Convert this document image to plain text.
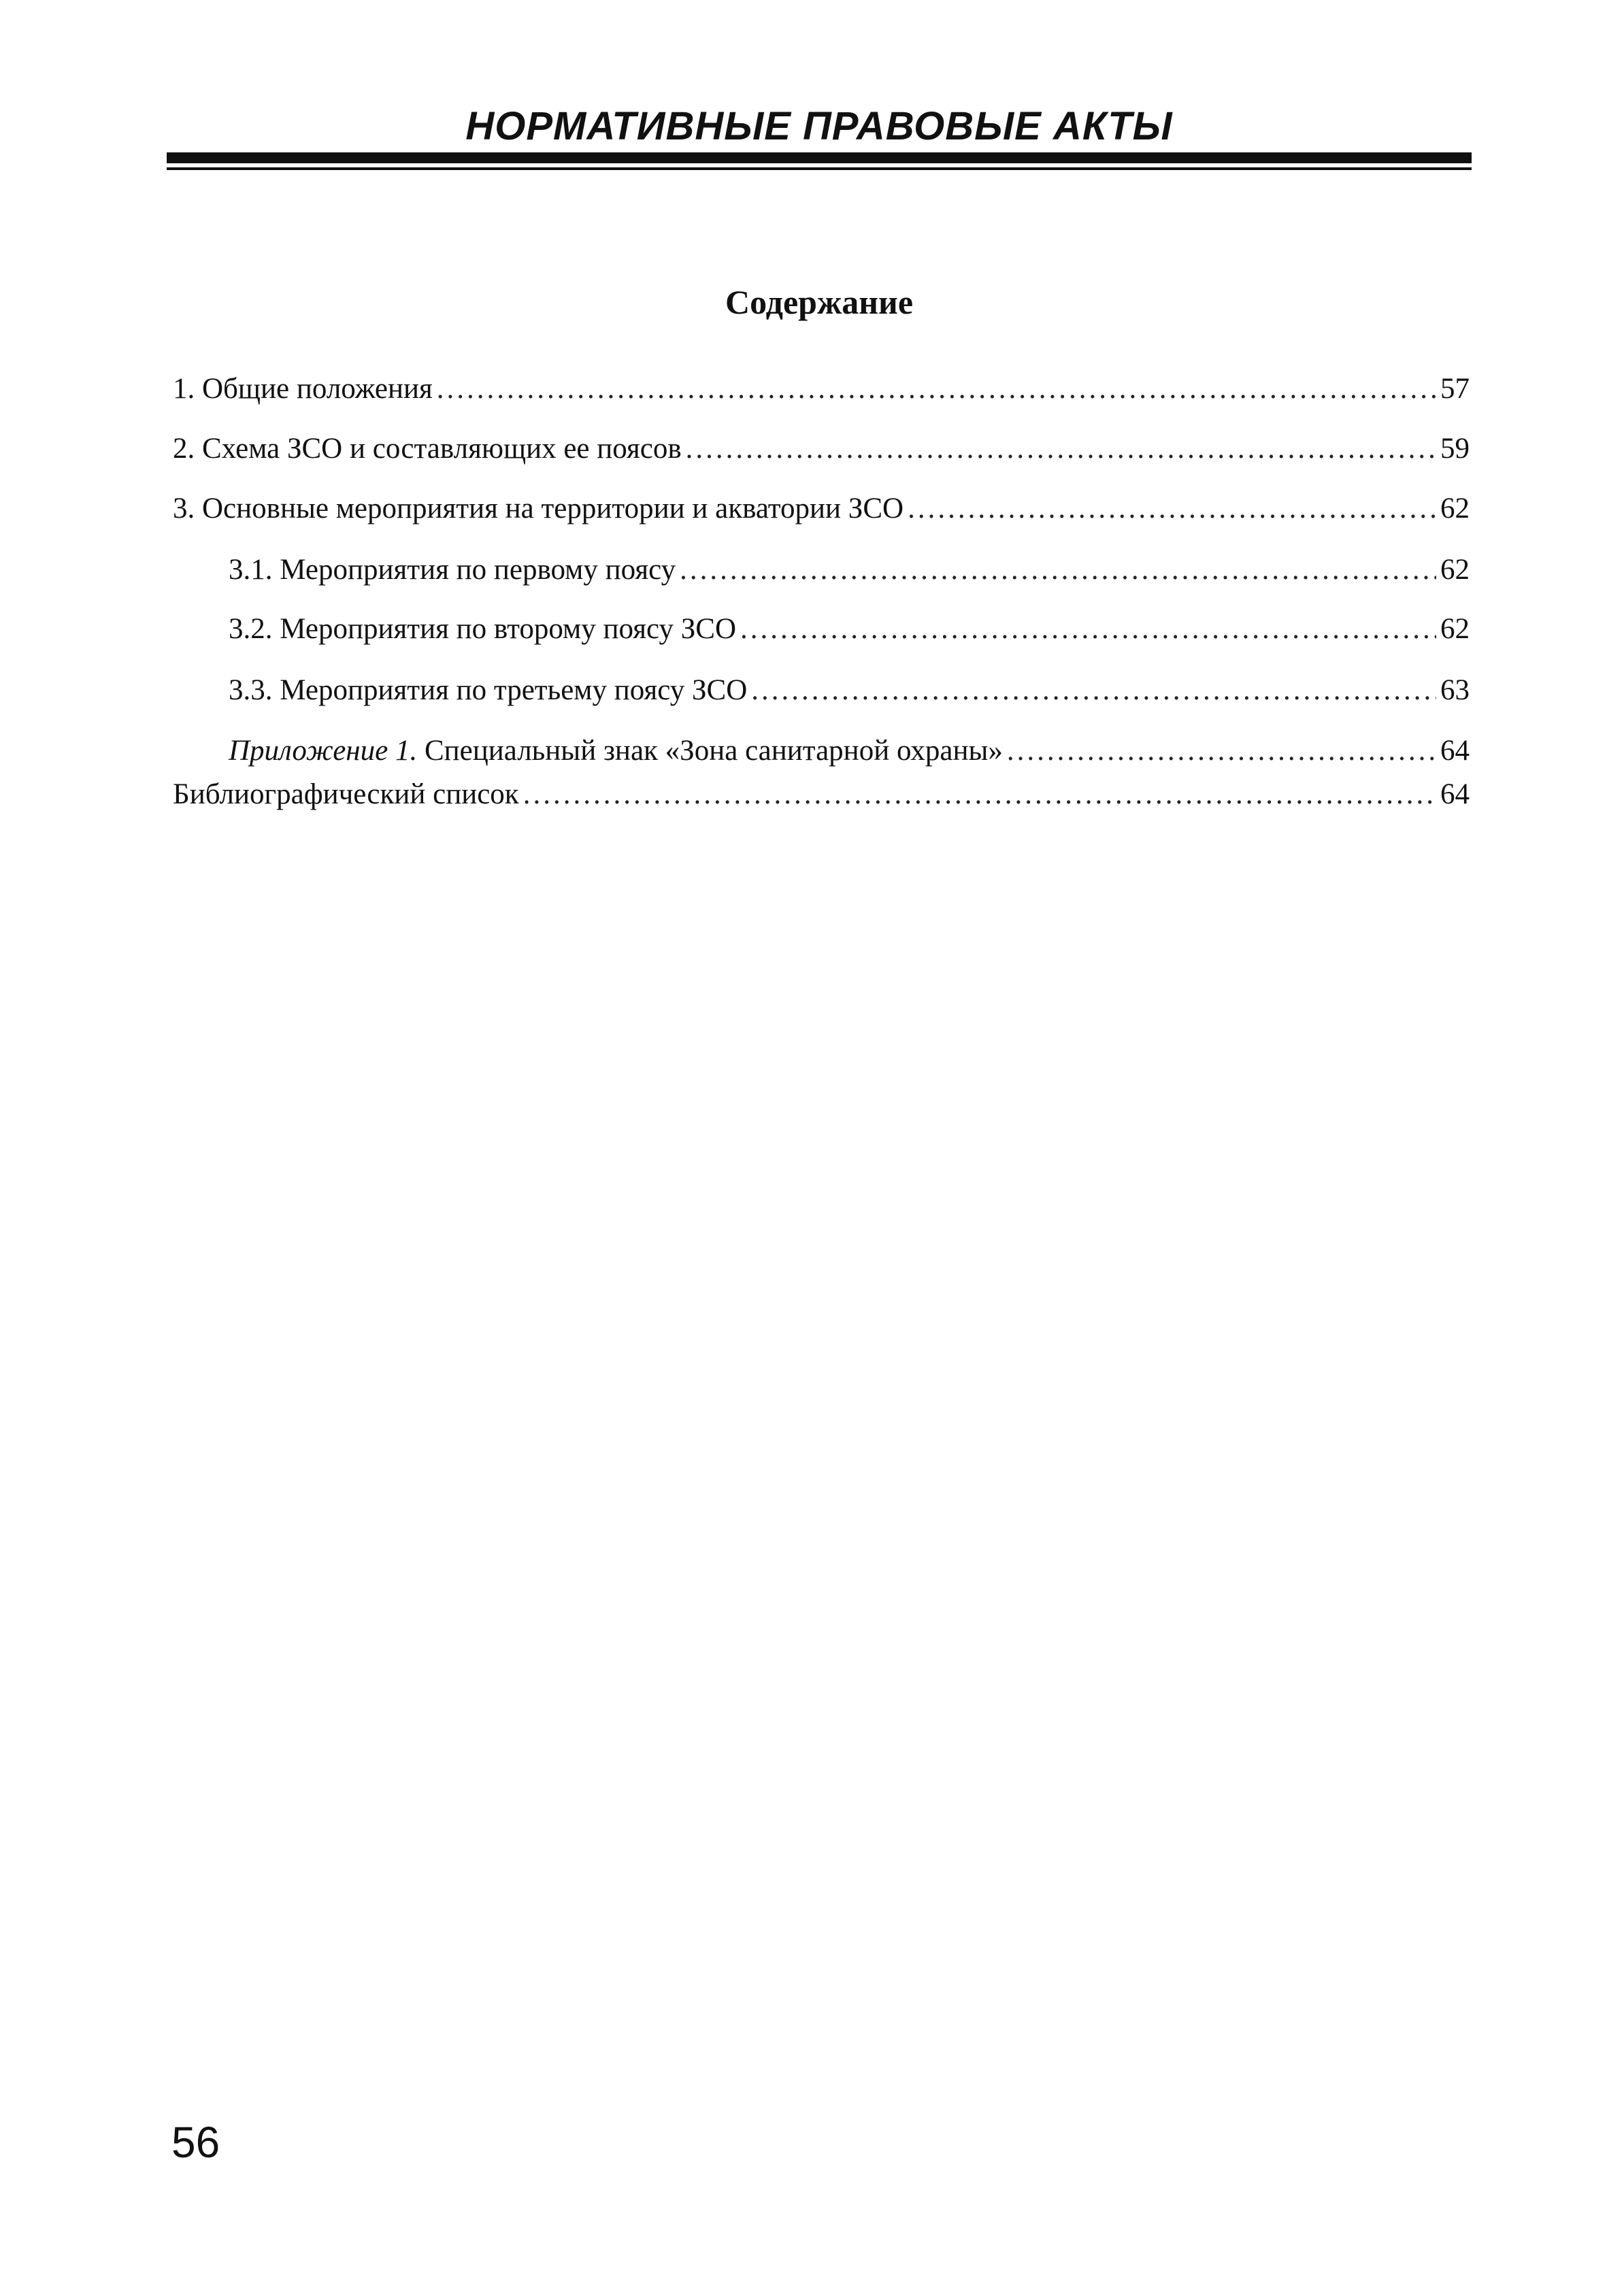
НОРМАТИВНЫЕ ПРАВОВЫЕ АКТЫ
Содержание
1. Общие положения .....	57
2. Схема ЗСО и составляющих ее поясов .....	59
3. Основные мероприятия на территории и акватории ЗСО .....	62
3.1. Мероприятия по первому поясу .....	62
3.2. Мероприятия по второму поясу ЗСО .....	62
3.3. Мероприятия по третьему поясу ЗСО .....	63
Приложение 1. Специальный знак «Зона санитарной охраны» .....	64
Библиографический список .....	64
56
